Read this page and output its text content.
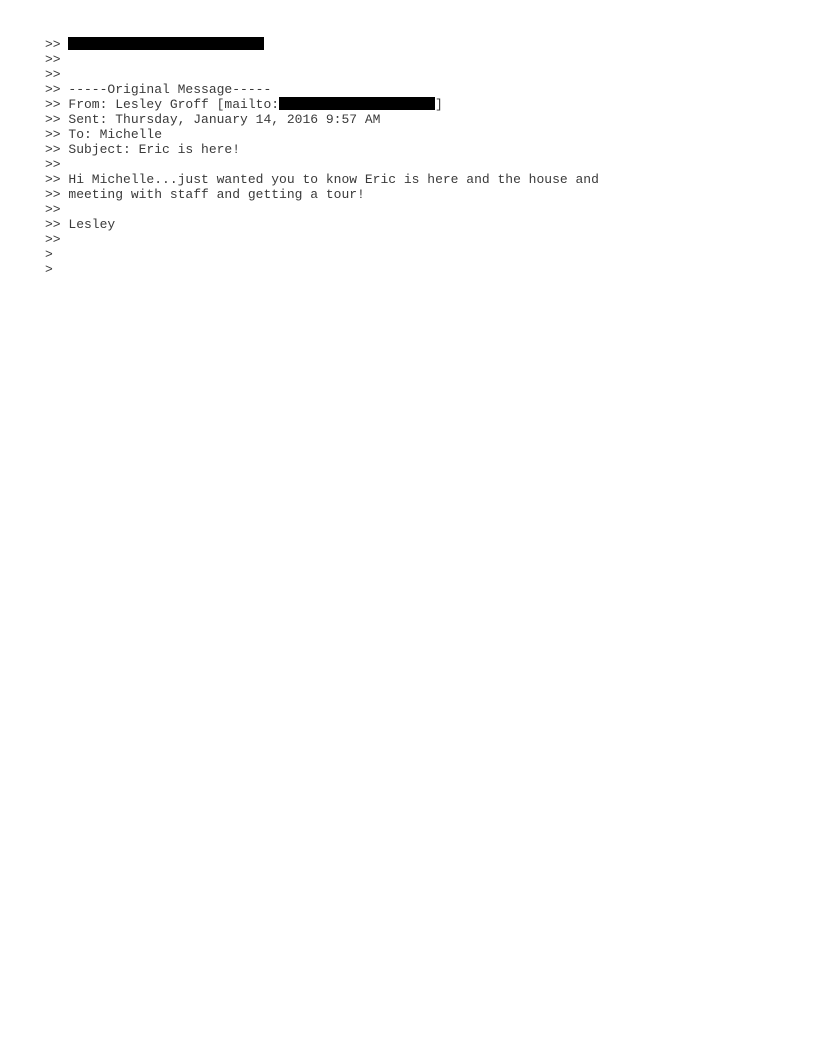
>>
>>
>>
>> -----Original Message-----
>> From: Lesley Groff [mailto:	]
>> Sent: Thursday, January 14, 2016 9:57 AM
>> To: Michelle
>> Subject: Eric is here!
>>
>> Hi Michelle...just wanted you to know Eric is here and the house and
>> meeting with staff and getting a tour!
>>
>> Lesley
>>
>
>
